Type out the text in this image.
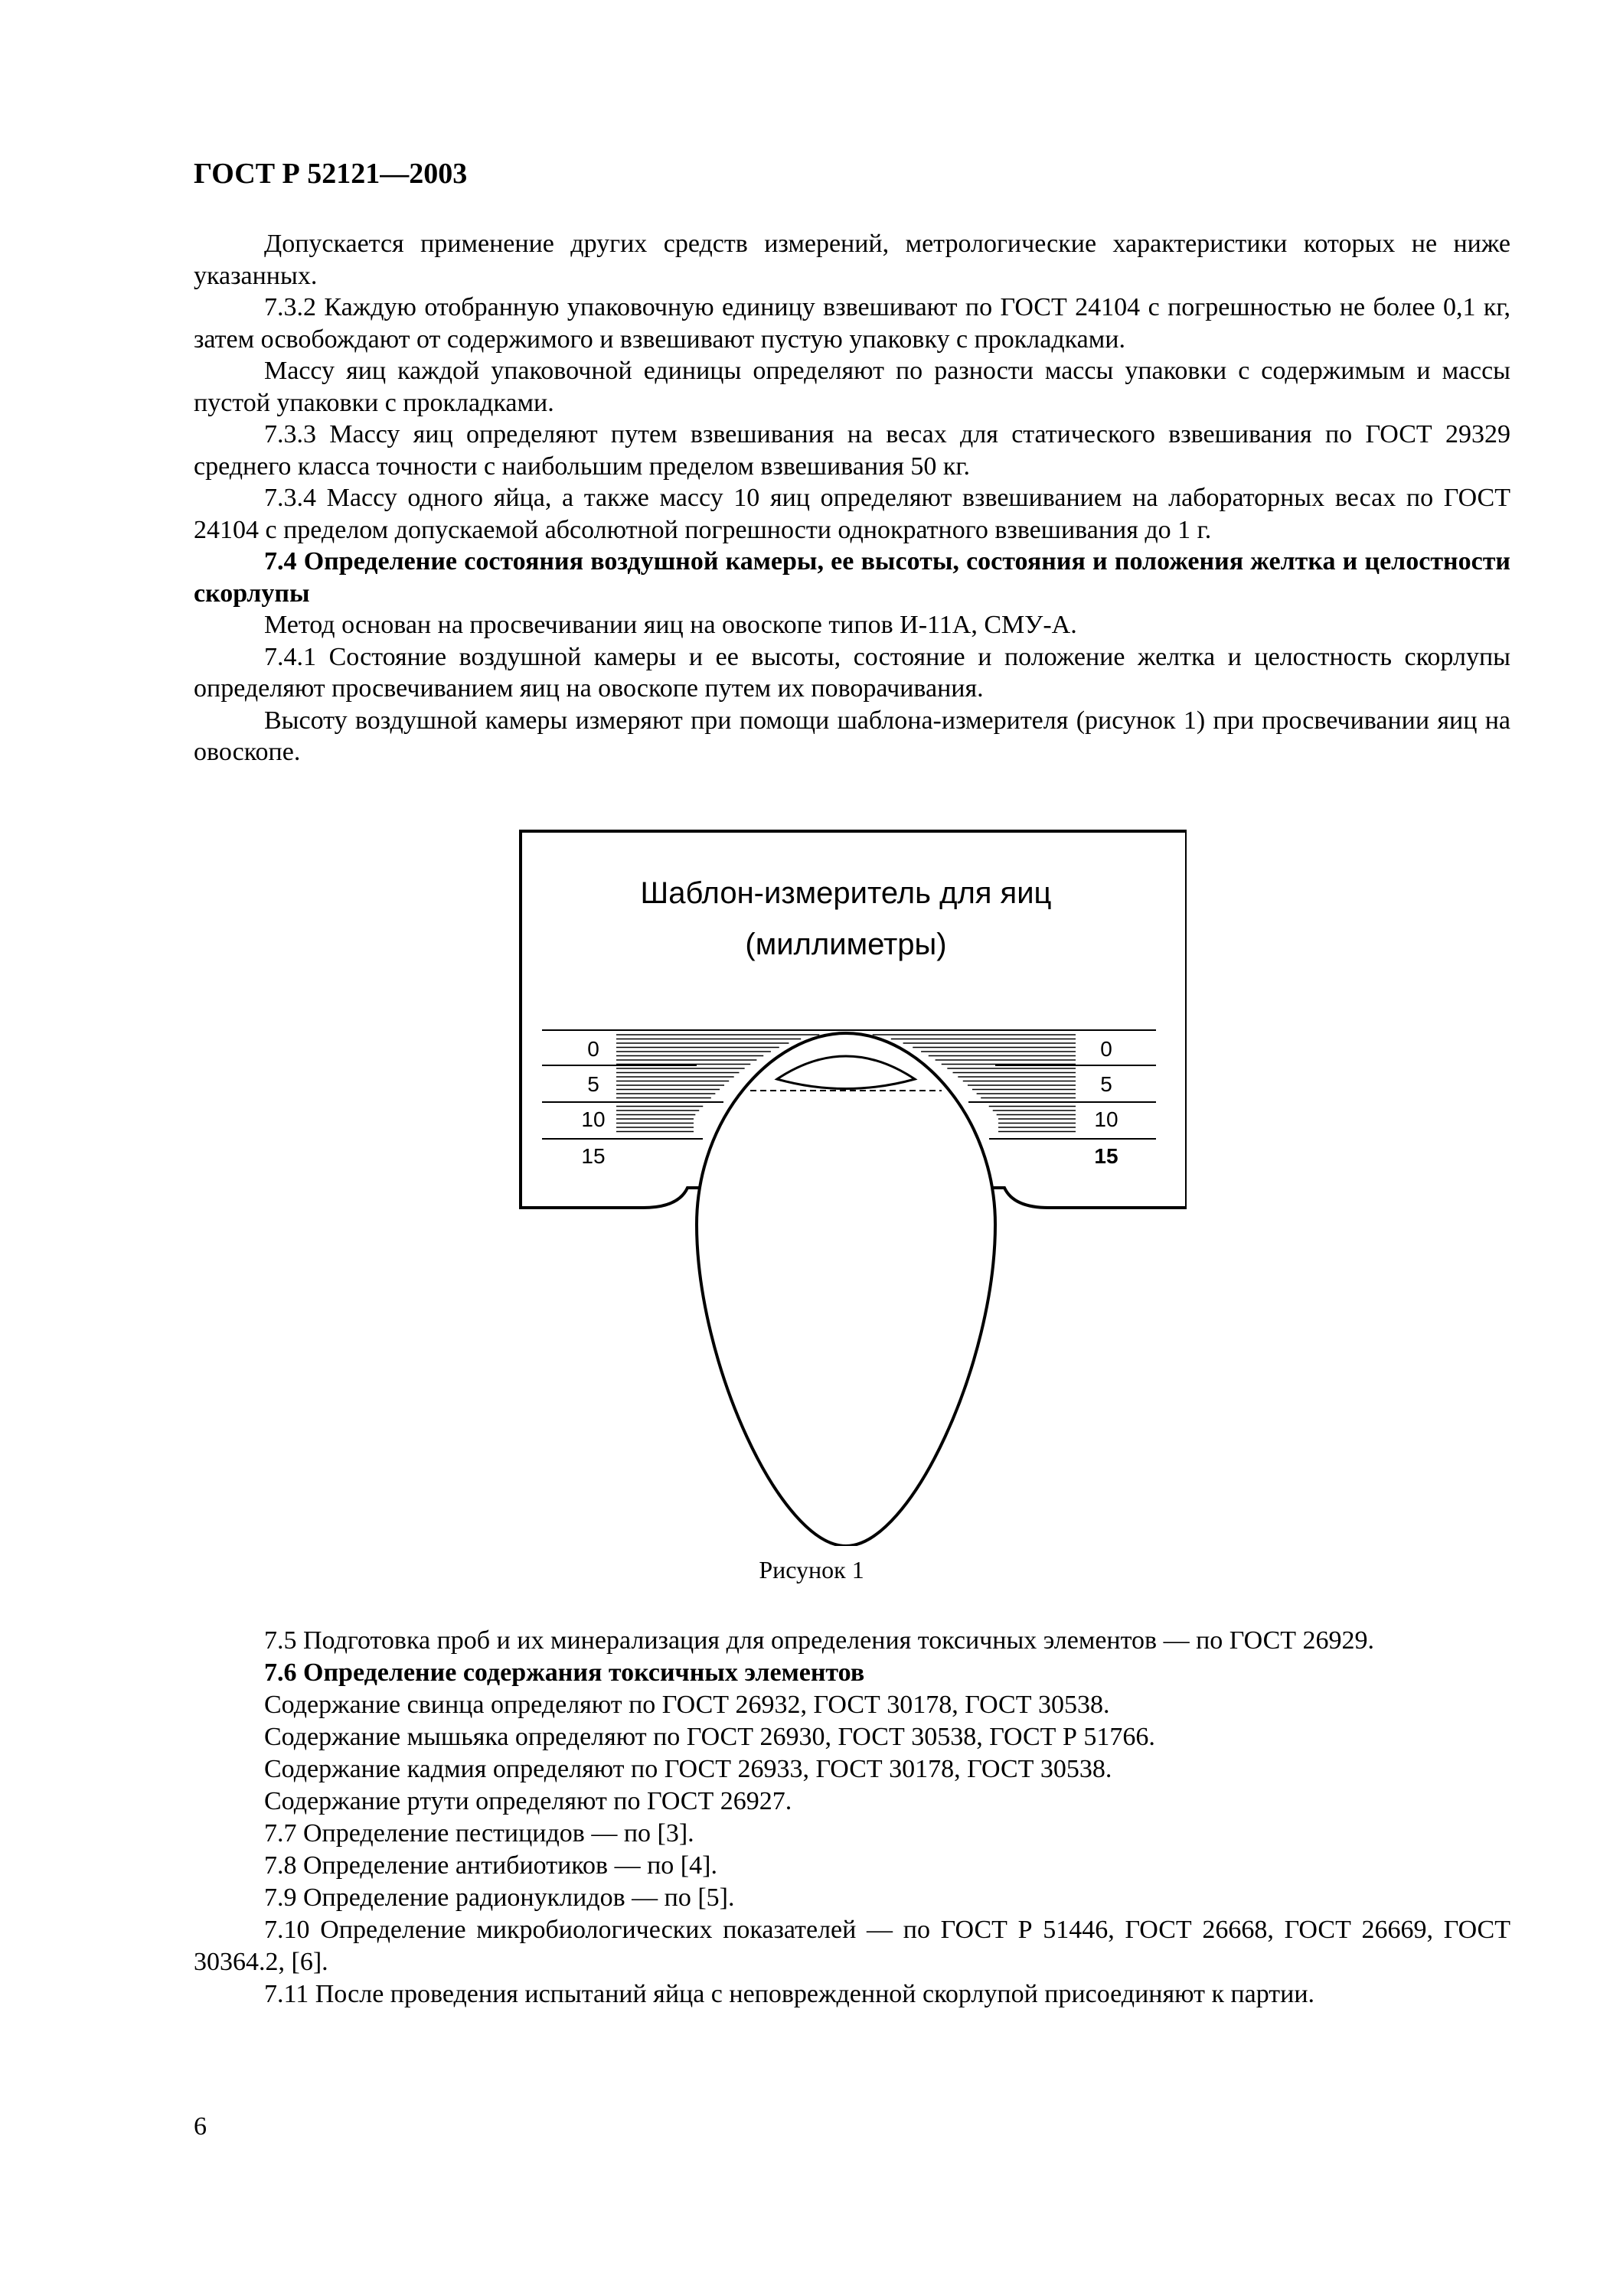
ГОСТ Р 52121—2003

Допускается применение других средств измерений, метрологические характеристики которых не ниже указанных.

7.3.2 Каждую отобранную упаковочную единицу взвешивают по ГОСТ 24104 с погрешностью не более 0,1 кг, затем освобождают от содержимого и взвешивают пустую упаковку с прокладками.

Массу яиц каждой упаковочной единицы определяют по разности массы упаковки с содержимым и массы пустой упаковки с прокладками.

7.3.3 Массу яиц определяют путем взвешивания на весах для статического взвешивания по ГОСТ 29329 среднего класса точности с наибольшим пределом взвешивания 50 кг.

7.3.4 Массу одного яйца, а также массу 10 яиц определяют взвешиванием на лабораторных весах по ГОСТ 24104 с пределом допускаемой абсолютной погрешности однократного взвешивания до 1 г.

7.4 Определение состояния воздушной камеры, ее высоты, состояния и положения желтка и целостности скорлупы

Метод основан на просвечивании яиц на овоскопе типов И-11А, СМУ-А.

7.4.1 Состояние воздушной камеры и ее высоты, состояние и положение желтка и целостность скорлупы определяют просвечиванием яиц на овоскопе путем их поворачивания.

Высоту воздушной камеры измеряют при помощи шаблона-измерителя (рисунок 1) при просвечивании яиц на овоскопе.

Шаблон-измеритель для яиц
(миллиметры)
0
5
10
15
0
5
10
15
Рисунок 1

7.5 Подготовка проб и их минерализация для определения токсичных элементов — по ГОСТ 26929.

7.6 Определение содержания токсичных элементов

Содержание свинца определяют по ГОСТ 26932, ГОСТ 30178, ГОСТ 30538.

Содержание мышьяка определяют по ГОСТ 26930, ГОСТ 30538, ГОСТ Р 51766.

Содержание кадмия определяют по ГОСТ 26933, ГОСТ 30178, ГОСТ 30538.

Содержание ртути определяют по ГОСТ 26927.

7.7 Определение пестицидов — по [3].

7.8 Определение антибиотиков — по [4].

7.9 Определение радионуклидов — по [5].

7.10 Определение микробиологических показателей — по ГОСТ Р 51446, ГОСТ 26668, ГОСТ 26669, ГОСТ 30364.2, [6].

7.11 После проведения испытаний яйца с неповрежденной скорлупой присоединяют к партии.

6
